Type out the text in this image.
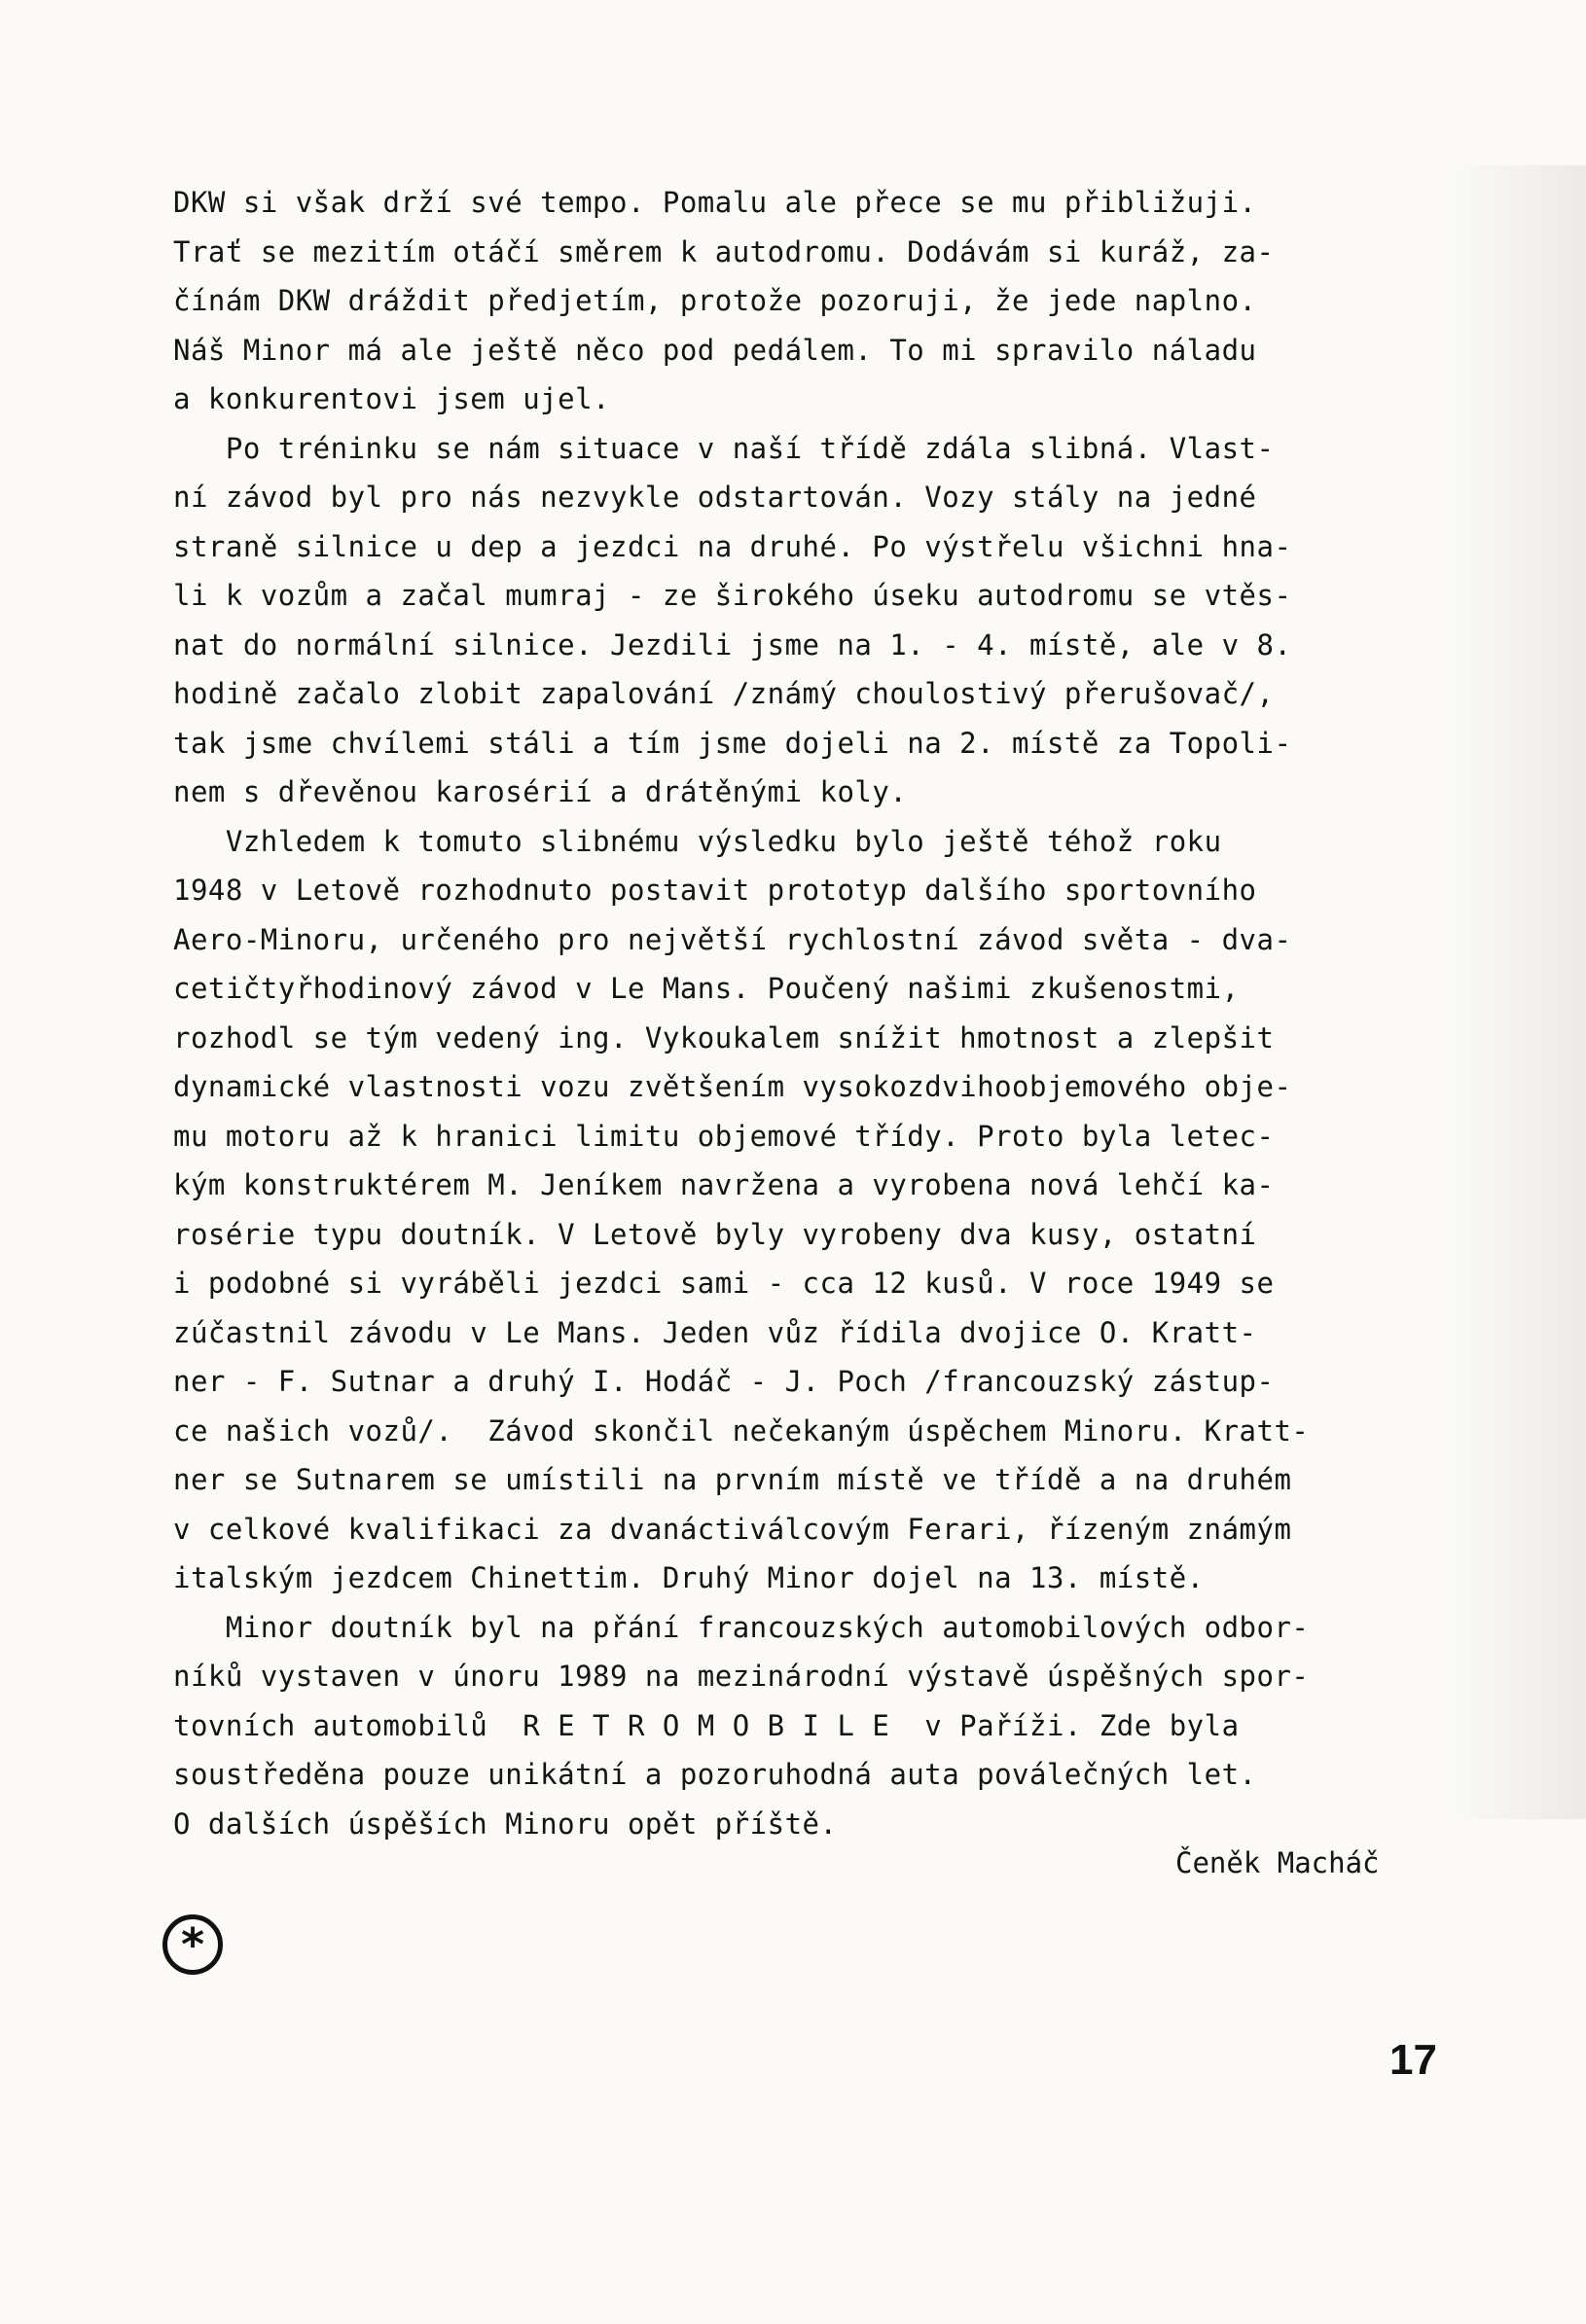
DKW si však drží své tempo. Pomalu ale přece se mu přibližuji.
Trať se mezitím otáčí směrem k autodromu. Dodávám si kuráž, za-
čínám DKW dráždit předjetím, protože pozoruji, že jede naplno.
Náš Minor má ale ještě něco pod pedálem. To mi spravilo náladu
a konkurentovi jsem ujel.
Po tréninku se nám situace v naší třídě zdála slibná. Vlast-
ní závod byl pro nás nezvykle odstartován. Vozy stály na jedné
straně silnice u dep a jezdci na druhé. Po výstřelu všichni hna-
li k vozům a začal mumraj - ze širokého úseku autodromu se vtěs-
nat do normální silnice. Jezdili jsme na 1. - 4. místě, ale v 8.
hodině začalo zlobit zapalování /známý choulostivý přerušovač/,
tak jsme chvílemi stáli a tím jsme dojeli na 2. místě za Topoli-
nem s dřevěnou karosérií a drátěnými koly.
Vzhledem k tomuto slibnému výsledku bylo ještě téhož roku
1948 v Letově rozhodnuto postavit prototyp dalšího sportovního
Aero-Minoru, určeného pro největší rychlostní závod světa - dva-
cetičtyřhodinový závod v Le Mans. Poučený našimi zkušenostmi,
rozhodl se tým vedený ing. Vykoukalem snížit hmotnost a zlepšit
dynamické vlastnosti vozu zvětšením vysokozdvihoobjemového obje-
mu motoru až k hranici limitu objemové třídy. Proto byla letec-
kým konstruktérem M. Jeníkem navržena a vyrobena nová lehčí ka-
rosérie typu doutník. V Letově byly vyrobeny dva kusy, ostatní
i podobné si vyráběli jezdci sami - cca 12 kusů. V roce 1949 se
zúčastnil závodu v Le Mans. Jeden vůz řídila dvojice O. Kratt-
ner - F. Sutnar a druhý I. Hodáč - J. Poch /francouzský zástup-
ce našich vozů/.  Závod skončil nečekaným úspěchem Minoru. Kratt-
ner se Sutnarem se umístili na prvním místě ve třídě a na druhém
v celkové kvalifikaci za dvanáctiválcovým Ferari, řízeným známým
italským jezdcem Chinettim. Druhý Minor dojel na 13. místě.
Minor doutník byl na přání francouzských automobilových odbor-
níků vystaven v únoru 1989 na mezinárodní výstavě úspěšných spor-
tovních automobilů  R E T R O M O B I L E  v Paříži. Zde byla
soustředěna pouze unikátní a pozoruhodná auta poválečných let.
O dalších úspěších Minoru opět příště.
Čeněk Macháč
*
17
